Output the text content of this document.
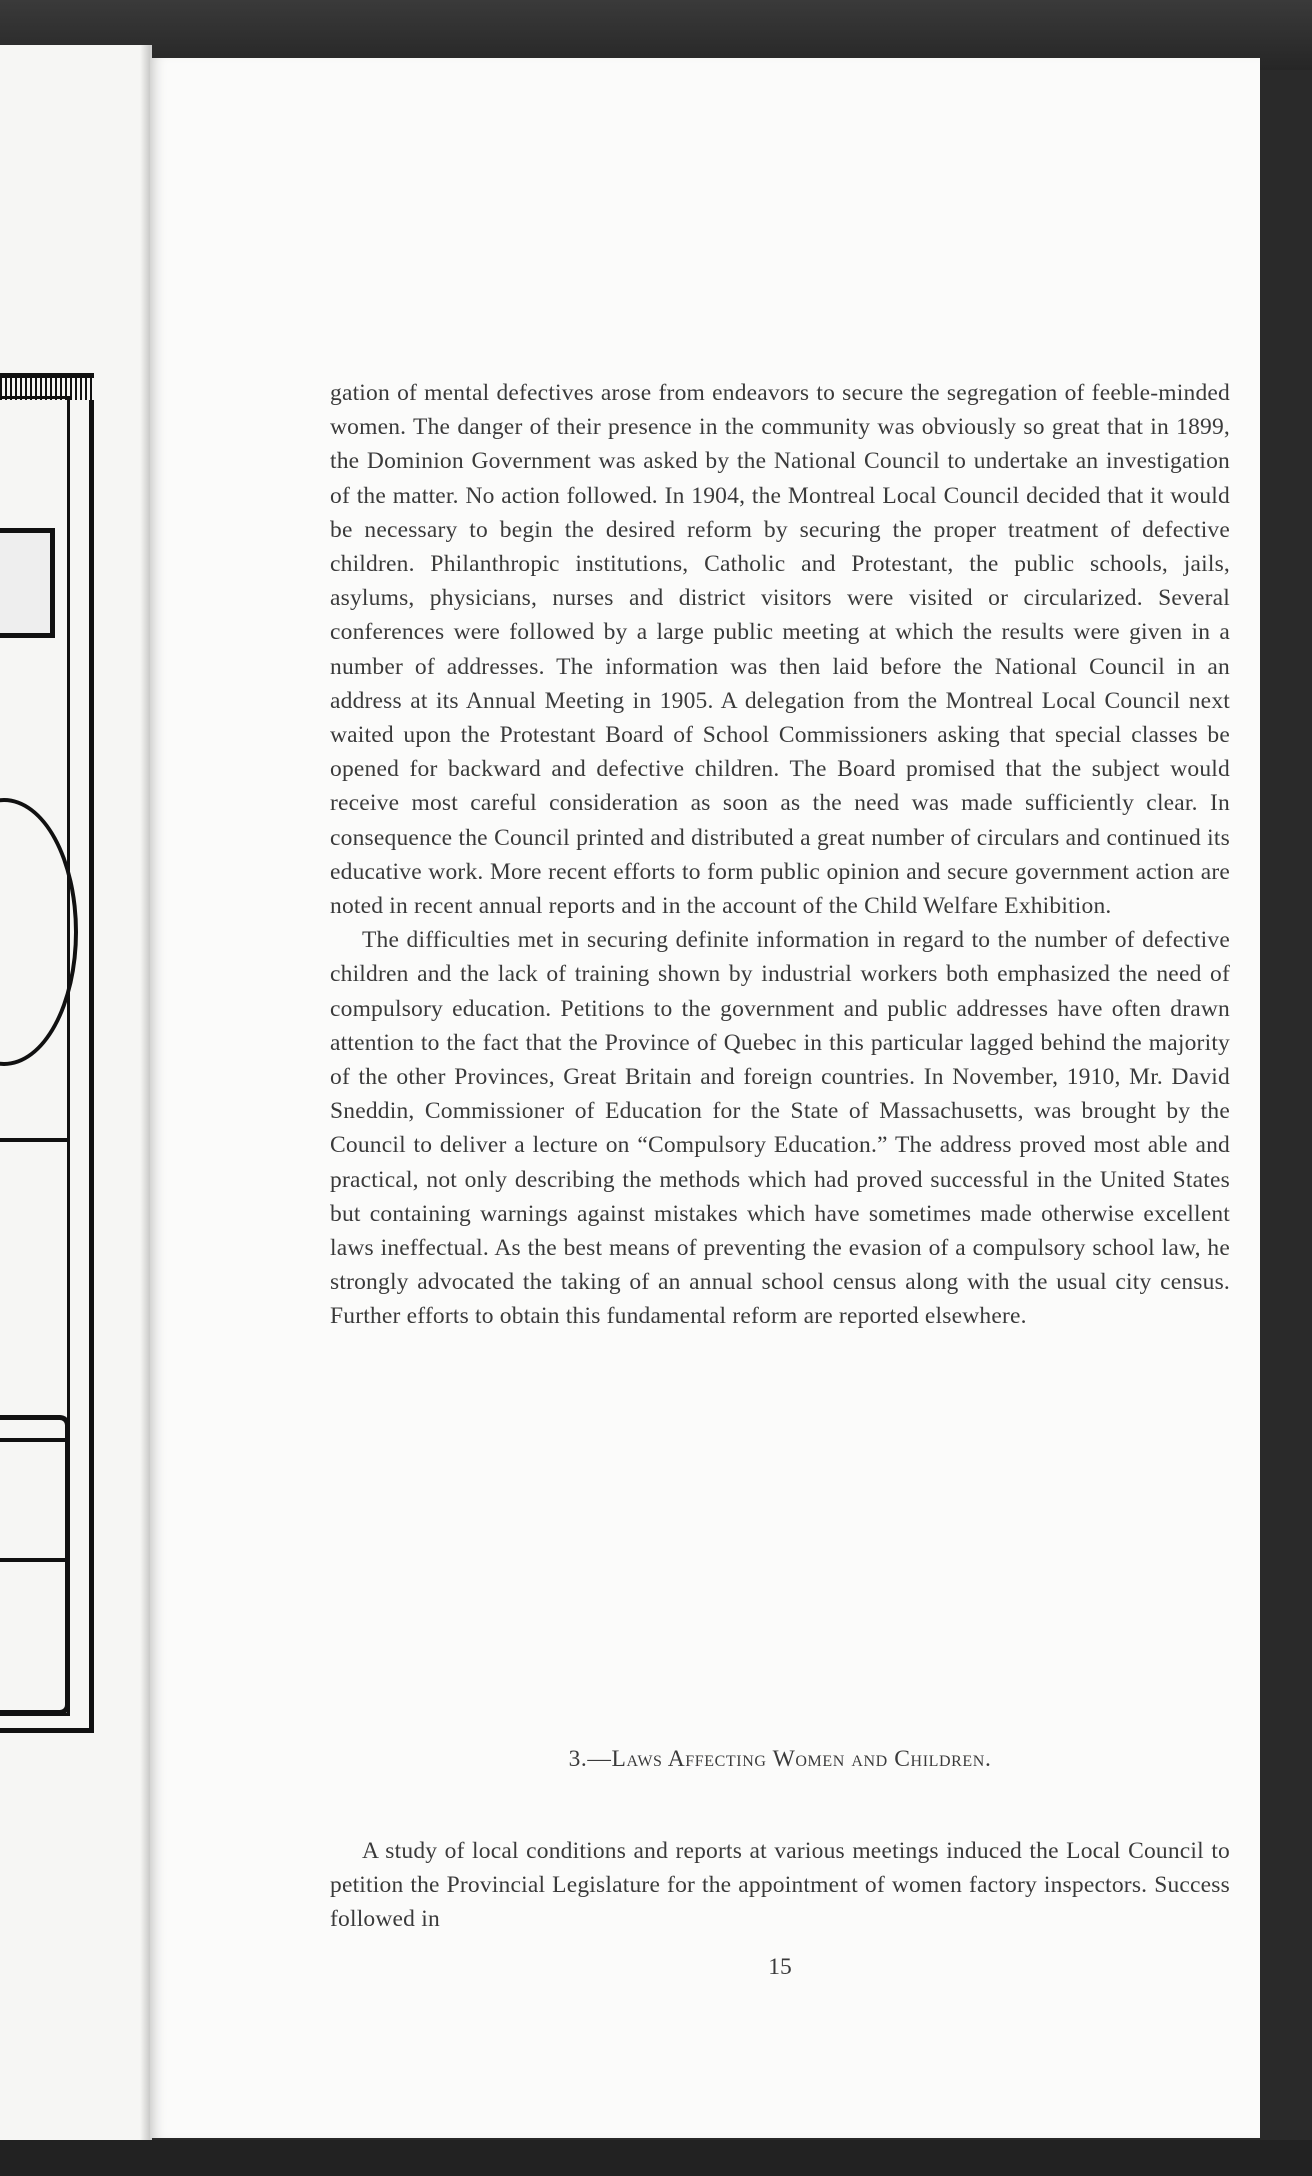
gation of mental defectives arose from endeavors to secure the segregation of feeble-minded women. The danger of their presence in the community was obviously so great that in 1899, the Dominion Government was asked by the National Council to undertake an investigation of the matter. No action followed. In 1904, the Montreal Local Council decided that it would be necessary to begin the desired reform by securing the proper treatment of defective children. Philanthropic institutions, Catholic and Protestant, the public schools, jails, asylums, physicians, nurses and district visitors were visited or circularized. Several conferences were followed by a large public meeting at which the results were given in a number of addresses. The information was then laid before the National Council in an address at its Annual Meeting in 1905. A delegation from the Montreal Local Council next waited upon the Protestant Board of School Commissioners asking that special classes be opened for backward and defective children. The Board promised that the subject would receive most careful consideration as soon as the need was made sufficiently clear. In consequence the Council printed and distributed a great number of circulars and continued its educative work. More recent efforts to form public opinion and secure government action are noted in recent annual reports and in the account of the Child Welfare Exhibition.

The difficulties met in securing definite information in regard to the number of defective children and the lack of training shown by industrial workers both emphasized the need of compulsory education. Petitions to the government and public addresses have often drawn attention to the fact that the Province of Quebec in this particular lagged behind the majority of the other Provinces, Great Britain and foreign countries. In November, 1910, Mr. David Sneddin, Commissioner of Education for the State of Massachusetts, was brought by the Council to deliver a lecture on “Compulsory Education.” The address proved most able and practical, not only describing the methods which had proved successful in the United States but containing warnings against mistakes which have sometimes made otherwise excellent laws ineffectual. As the best means of preventing the evasion of a compulsory school law, he strongly advocated the taking of an annual school census along with the usual city census. Further efforts to obtain this fundamental reform are reported elsewhere.

3.—Laws Affecting Women and Children.

A study of local conditions and reports at various meetings induced the Local Council to petition the Provincial Legislature for the appointment of women factory inspectors. Success followed in

15
